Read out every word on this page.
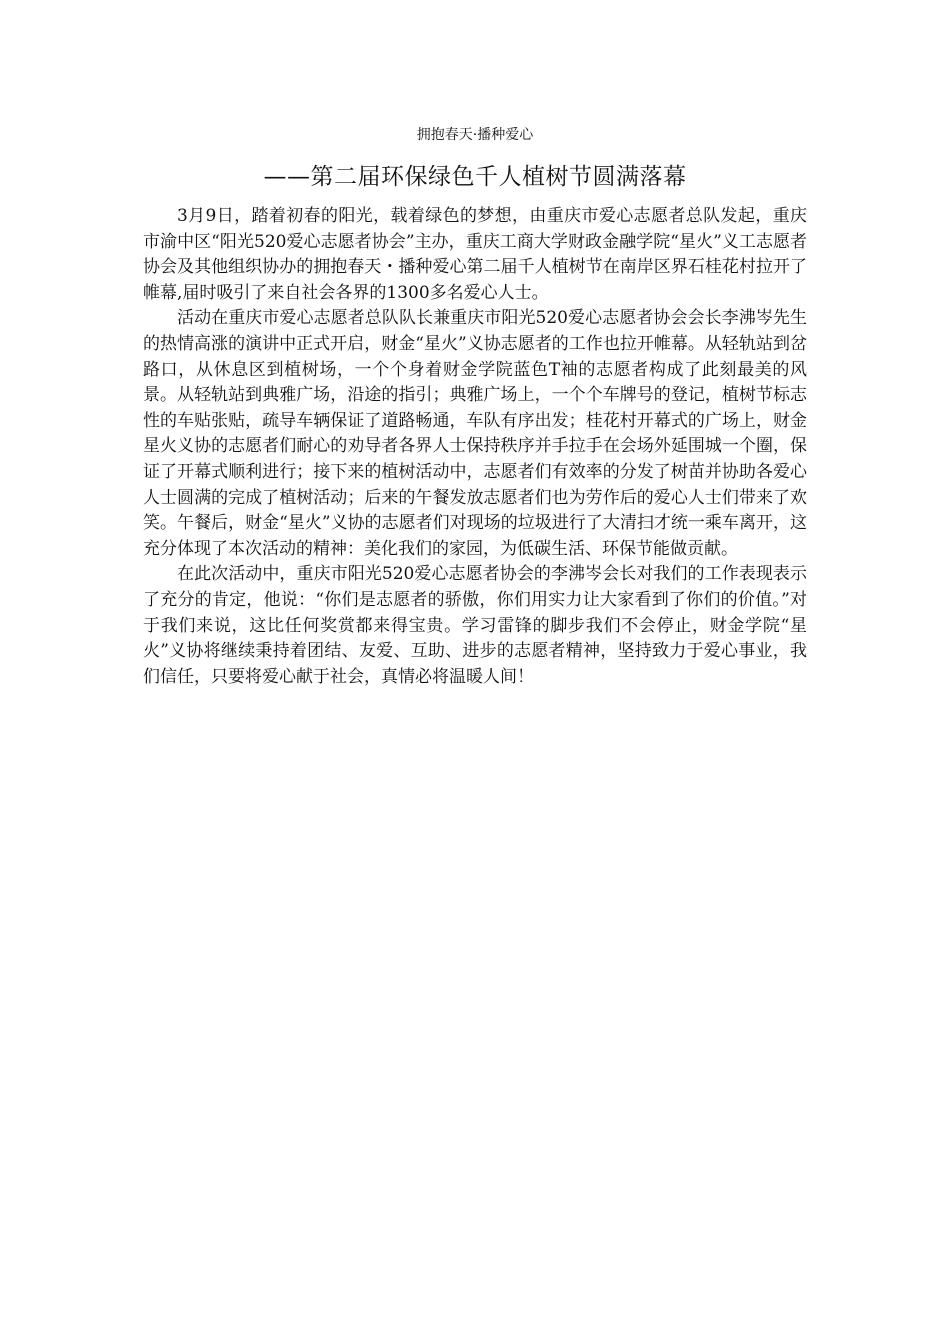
拥抱春天·播种爱心
——第二届环保绿色千人植树节圆满落幕

3月9日，踏着初春的阳光，载着绿色的梦想，由重庆市爱心志愿者总队发起，重庆市渝中区“阳光520爱心志愿者协会”主办，重庆工商大学财政金融学院“星火”义工志愿者协会及其他组织协办的拥抱春天・播种爱心第二届千人植树节在南岸区界石桂花村拉开了帷幕,届时吸引了来自社会各界的1300多名爱心人士。

活动在重庆市爱心志愿者总队队长兼重庆市阳光520爱心志愿者协会会长李沸岑先生的热情高涨的演讲中正式开启，财金“星火”义协志愿者的工作也拉开帷幕。从轻轨站到岔路口，从休息区到植树场，一个个身着财金学院蓝色T袖的志愿者构成了此刻最美的风景。从轻轨站到典雅广场，沿途的指引；典雅广场上，一个个车牌号的登记，植树节标志性的车贴张贴，疏导车辆保证了道路畅通，车队有序出发；桂花村开幕式的广场上，财金星火义协的志愿者们耐心的劝导者各界人士保持秩序并手拉手在会场外延围城一个圈，保证了开幕式顺利进行；接下来的植树活动中，志愿者们有效率的分发了树苗并协助各爱心人士圆满的完成了植树活动；后来的午餐发放志愿者们也为劳作后的爱心人士们带来了欢笑。午餐后，财金“星火”义协的志愿者们对现场的垃圾进行了大清扫才统一乘车离开，这充分体现了本次活动的精神：美化我们的家园，为低碳生活、环保节能做贡献。

在此次活动中，重庆市阳光520爱心志愿者协会的李沸岑会长对我们的工作表现表示了充分的肯定，他说：“你们是志愿者的骄傲，你们用实力让大家看到了你们的价值。”对于我们来说，这比任何奖赏都来得宝贵。学习雷锋的脚步我们不会停止，财金学院“星火”义协将继续秉持着团结、友爱、互助、进步的志愿者精神，坚持致力于爱心事业，我们信任，只要将爱心献于社会，真情必将温暖人间！
